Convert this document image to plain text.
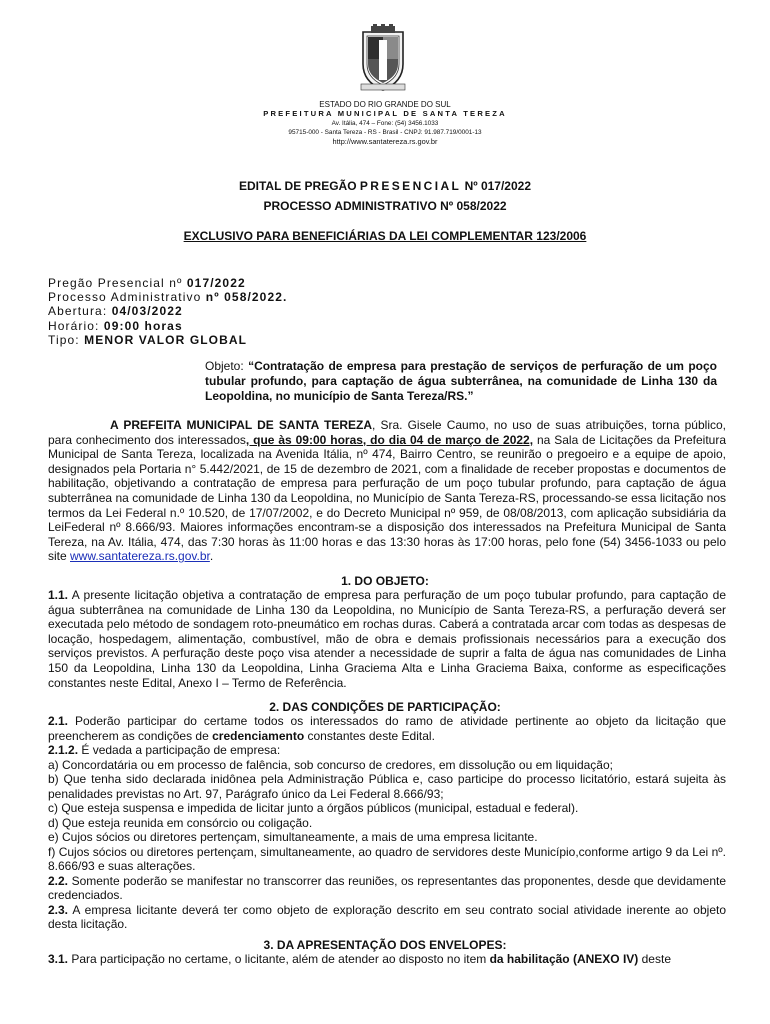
ESTADO DO RIO GRANDE DO SUL
PREFEITURA MUNICIPAL DE SANTA TEREZA
Av. Itália, 474 – Fone: (54) 3456.1033
95715-000 - Santa Tereza - RS - Brasil - CNPJ: 91.987.719/0001-13
http://www.santatereza.rs.gov.br
EDITAL DE PREGÃO PRESENCIAL Nº 017/2022
PROCESSO ADMINISTRATIVO Nº 058/2022
EXCLUSIVO PARA BENEFICIÁRIAS DA LEI COMPLEMENTAR 123/2006
Pregão Presencial nº 017/2022
Processo Administrativo nº 058/2022.
Abertura: 04/03/2022
Horário: 09:00 horas
Tipo: MENOR VALOR GLOBAL
Objeto: “Contratação de empresa para prestação de serviços de perfuração de um poço tubular profundo, para captação de água subterrânea, na comunidade de Linha 130 da Leopoldina, no município de Santa Tereza/RS.”
A PREFEITA MUNICIPAL DE SANTA TEREZA, Sra. Gisele Caumo, no uso de suas atribuições, torna público, para conhecimento dos interessados, que às 09:00 horas, do dia 04 de março de 2022, na Sala de Licitações da Prefeitura Municipal de Santa Tereza, localizada na Avenida Itália, nº 474, Bairro Centro, se reunirão o pregoeiro e a equipe de apoio, designados pela Portaria n° 5.442/2021, de 15 de dezembro de 2021, com a finalidade de receber propostas e documentos de habilitação, objetivando a contratação de empresa para perfuração de um poço tubular profundo, para captação de água subterrânea na comunidade de Linha 130 da Leopoldina, no Município de Santa Tereza-RS, processando-se essa licitação nos termos da Lei Federal n.º 10.520, de 17/07/2002, e do Decreto Municipal nº 959, de 08/08/2013, com aplicação subsidiária da LeiFederal nº 8.666/93. Maiores informações encontram-se a disposição dos interessados na Prefeitura Municipal de Santa Tereza, na Av. Itália, 474, das 7:30 horas às 11:00 horas e das 13:30 horas às 17:00 horas, pelo fone (54) 3456-1033 ou pelo site www.santatereza.rs.gov.br.
1. DO OBJETO:
1.1. A presente licitação objetiva a contratação de empresa para perfuração de um poço tubular profundo, para captação de água subterrânea na comunidade de Linha 130 da Leopoldina, no Município de Santa Tereza-RS, a perfuração deverá ser executada pelo método de sondagem roto-pneumático em rochas duras. Caberá a contratada arcar com todas as despesas de locação, hospedagem, alimentação, combustível, mão de obra e demais profissionais necessários para a execução dos serviços previstos. A perfuração deste poço visa atender a necessidade de suprir a falta de água nas comunidades de Linha 150 da Leopoldina, Linha 130 da Leopoldina, Linha Graciema Alta e Linha Graciema Baixa, conforme as especificações constantes neste Edital, Anexo I – Termo de Referência.
2. DAS CONDIÇÕES DE PARTICIPAÇÃO:
2.1. Poderão participar do certame todos os interessados do ramo de atividade pertinente ao objeto da licitação que preencherem as condições de credenciamento constantes deste Edital.
2.1.2. É vedada a participação de empresa:
a) Concordatária ou em processo de falência, sob concurso de credores, em dissolução ou em liquidação;
b) Que tenha sido declarada inidônea pela Administração Pública e, caso participe do processo licitatório, estará sujeita às penalidades previstas no Art. 97, Parágrafo único da Lei Federal 8.666/93;
c) Que esteja suspensa e impedida de licitar junto a órgãos públicos (municipal, estadual e federal).
d) Que esteja reunida em consórcio ou coligação.
e) Cujos sócios ou diretores pertençam, simultaneamente, a mais de uma empresa licitante.
f) Cujos sócios ou diretores pertençam, simultaneamente, ao quadro de servidores deste Município,conforme artigo 9 da Lei nº. 8.666/93 e suas alterações.
2.2. Somente poderão se manifestar no transcorrer das reuniões, os representantes das proponentes, desde que devidamente credenciados.
2.3. A empresa licitante deverá ter como objeto de exploração descrito em seu contrato social atividade inerente ao objeto desta licitação.
3. DA APRESENTAÇÃO DOS ENVELOPES:
3.1. Para participação no certame, o licitante, além de atender ao disposto no item da habilitação (ANEXO IV) deste
